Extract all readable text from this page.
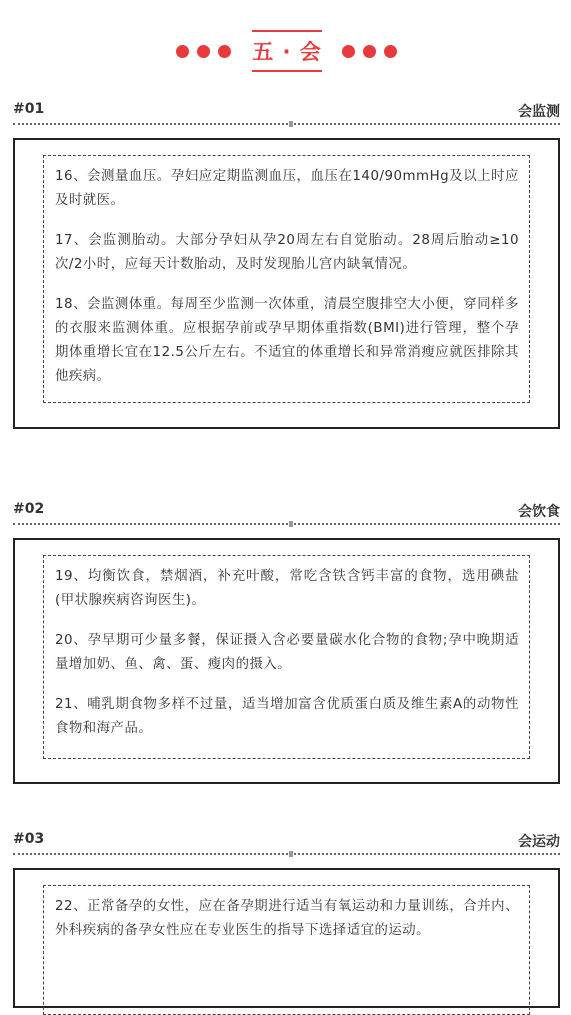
五 · 会
#01	会监测

16、会测量血压。孕妇应定期监测血压，血压在140/90mmHg及以上时应及时就医。

17、会监测胎动。大部分孕妇从孕20周左右自觉胎动。28周后胎动≥10次/2小时，应每天计数胎动，及时发现胎儿宫内缺氧情况。

18、会监测体重。每周至少监测一次体重，清晨空腹排空大小便，穿同样多的衣服来监测体重。应根据孕前或孕早期体重指数(BMI)进行管理，整个孕期体重增长宜在12.5公斤左右。不适宜的体重增长和异常消瘦应就医排除其他疾病。

#02	会饮食

19、均衡饮食，禁烟酒，补充叶酸，常吃含铁含钙丰富的食物，选用碘盐(甲状腺疾病咨询医生)。

20、孕早期可少量多餐，保证摄入含必要量碳水化合物的食物;孕中晚期适量增加奶、鱼、禽、蛋、瘦肉的摄入。

21、哺乳期食物多样不过量，适当增加富含优质蛋白质及维生素A的动物性食物和海产品。

#03	会运动

22、正常备孕的女性，应在备孕期进行适当有氧运动和力量训练，合并内、外科疾病的备孕女性应在专业医生的指导下选择适宜的运动。
